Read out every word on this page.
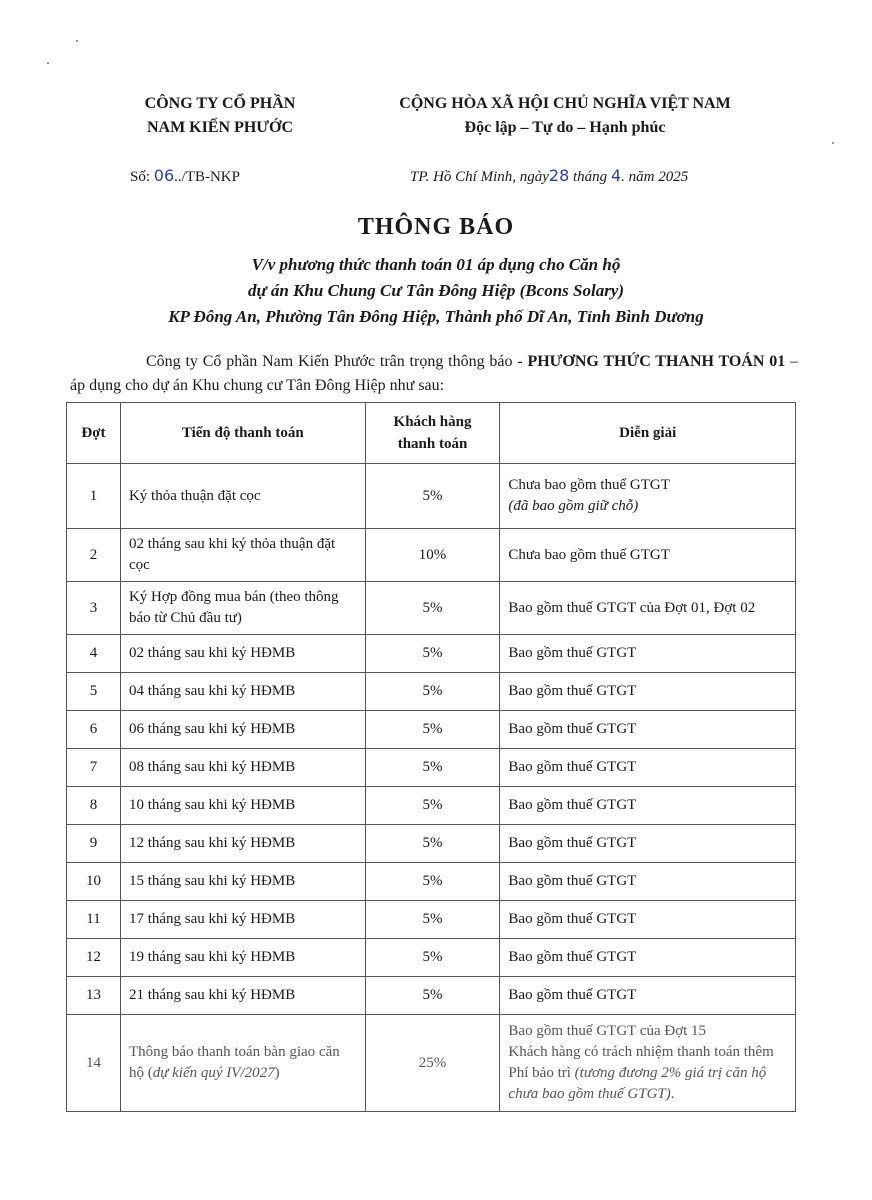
CÔNG TY CỔ PHẦN
NAM KIẾN PHƯỚC
CỘNG HÒA XÃ HỘI CHỦ NGHĨA VIỆT NAM
Độc lập – Tự do – Hạnh phúc
Số: 06../TB-NKP	TP. Hồ Chí Minh, ngày28 tháng 4. năm 2025
THÔNG BÁO
V/v phương thức thanh toán 01 áp dụng cho Căn hộ
dự án Khu Chung Cư Tân Đông Hiệp (Bcons Solary)
KP Đông An, Phường Tân Đông Hiệp, Thành phố Dĩ An, Tỉnh Bình Dương
Công ty Cổ phần Nam Kiến Phước trân trọng thông báo - PHƯƠNG THỨC THANH TOÁN 01 – áp dụng cho dự án Khu chung cư Tân Đông Hiệp như sau:
Đợt	Tiến độ thanh toán	Khách hàng
thanh toán	Diễn giải
1	Ký thỏa thuận đặt cọc	5%	Chưa bao gồm thuế GTGT
(đã bao gồm giữ chỗ)
2	02 tháng sau khi ký thỏa thuận đặt cọc	10%	Chưa bao gồm thuế GTGT
3	Ký Hợp đồng mua bán (theo thông báo từ Chủ đầu tư)	5%	Bao gồm thuế GTGT của Đợt 01, Đợt 02
4	02 tháng sau khi ký HĐMB	5%	Bao gồm thuế GTGT
5	04 tháng sau khi ký HĐMB	5%	Bao gồm thuế GTGT
6	06 tháng sau khi ký HĐMB	5%	Bao gồm thuế GTGT
7	08 tháng sau khi ký HĐMB	5%	Bao gồm thuế GTGT
8	10 tháng sau khi ký HĐMB	5%	Bao gồm thuế GTGT
9	12 tháng sau khi ký HĐMB	5%	Bao gồm thuế GTGT
10	15 tháng sau khi ký HĐMB	5%	Bao gồm thuế GTGT
11	17 tháng sau khi ký HĐMB	5%	Bao gồm thuế GTGT
12	19 tháng sau khi ký HĐMB	5%	Bao gồm thuế GTGT
13	21 tháng sau khi ký HĐMB	5%	Bao gồm thuế GTGT
14	Thông báo thanh toán bàn giao căn hộ (dự kiến quý IV/2027)	25%	Bao gồm thuế GTGT của Đợt 15
Khách hàng có trách nhiệm thanh toán thêm Phí bảo trì (tương đương 2% giá trị căn hộ chưa bao gồm thuế GTGT).
